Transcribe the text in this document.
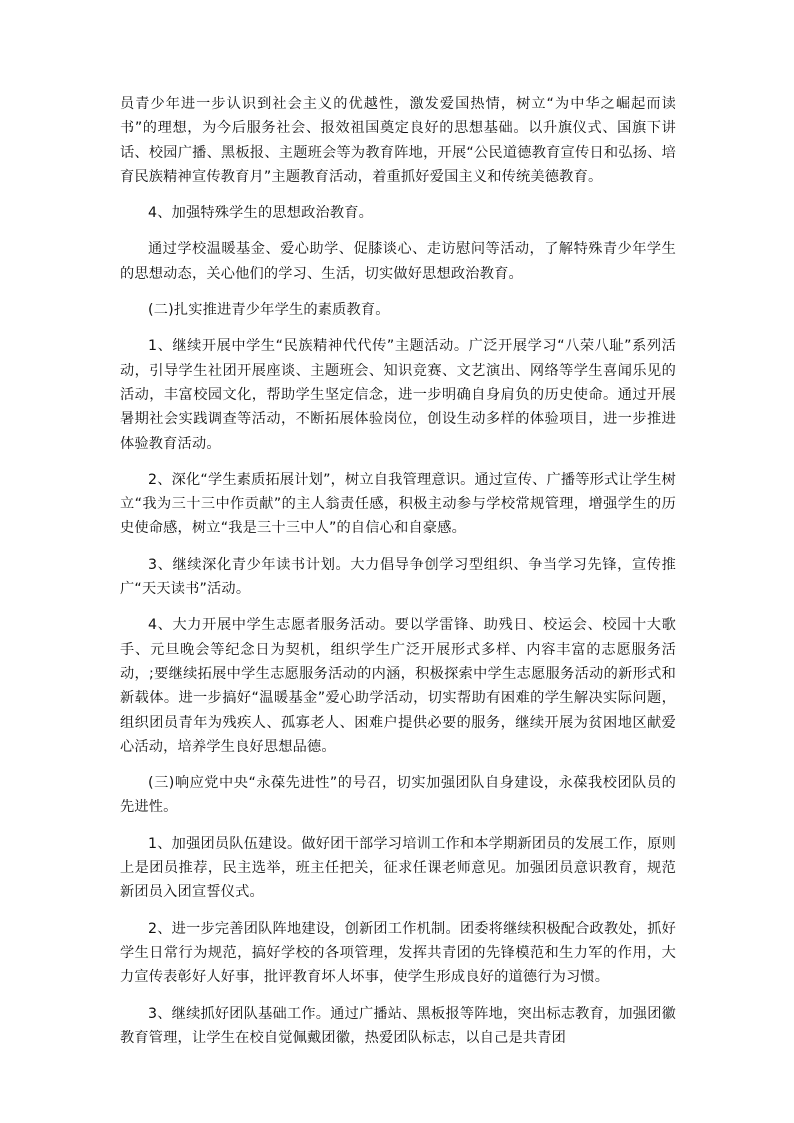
员青少年进一步认识到社会主义的优越性，激发爱国热情，树立“为中华之崛起而读书”的理想，为今后服务社会、报效祖国奠定良好的思想基础。以升旗仪式、国旗下讲话、校园广播、黑板报、主题班会等为教育阵地，开展“公民道德教育宣传日和弘扬、培育民族精神宣传教育月”主题教育活动，着重抓好爱国主义和传统美德教育。

4、加强特殊学生的思想政治教育。

通过学校温暖基金、爱心助学、促膝谈心、走访慰问等活动，了解特殊青少年学生的思想动态，关心他们的学习、生活，切实做好思想政治教育。

(二)扎实推进青少年学生的素质教育。

1、继续开展中学生“民族精神代代传”主题活动。广泛开展学习“八荣八耻”系列活动，引导学生社团开展座谈、主题班会、知识竞赛、文艺演出、网络等学生喜闻乐见的活动，丰富校园文化，帮助学生坚定信念，进一步明确自身肩负的历史使命。通过开展暑期社会实践调查等活动，不断拓展体验岗位，创设生动多样的体验项目，进一步推进体验教育活动。

2、深化“学生素质拓展计划”，树立自我管理意识。通过宣传、广播等形式让学生树立“我为三十三中作贡献”的主人翁责任感，积极主动参与学校常规管理，增强学生的历史使命感，树立“我是三十三中人”的自信心和自豪感。

3、继续深化青少年读书计划。大力倡导争创学习型组织、争当学习先锋，宣传推广“天天读书”活动。

4、大力开展中学生志愿者服务活动。要以学雷锋、助残日、校运会、校园十大歌手、元旦晚会等纪念日为契机，组织学生广泛开展形式多样、内容丰富的志愿服务活动，;要继续拓展中学生志愿服务活动的内涵，积极探索中学生志愿服务活动的新形式和新载体。进一步搞好“温暖基金”爱心助学活动，切实帮助有困难的学生解决实际问题，组织团员青年为残疾人、孤寡老人、困难户提供必要的服务，继续开展为贫困地区献爱心活动，培养学生良好思想品德。

(三)响应党中央“永葆先进性”的号召，切实加强团队自身建设，永葆我校团队员的先进性。

1、加强团员队伍建设。做好团干部学习培训工作和本学期新团员的发展工作，原则上是团员推荐，民主选举，班主任把关，征求任课老师意见。加强团员意识教育，规范新团员入团宣誓仪式。

2、进一步完善团队阵地建设，创新团工作机制。团委将继续积极配合政教处，抓好学生日常行为规范，搞好学校的各项管理，发挥共青团的先锋模范和生力军的作用，大力宣传表彰好人好事，批评教育坏人坏事，使学生形成良好的道德行为习惯。

3、继续抓好团队基础工作。通过广播站、黑板报等阵地，突出标志教育，加强团徽教育管理，让学生在校自觉佩戴团徽，热爱团队标志，以自己是共青团
